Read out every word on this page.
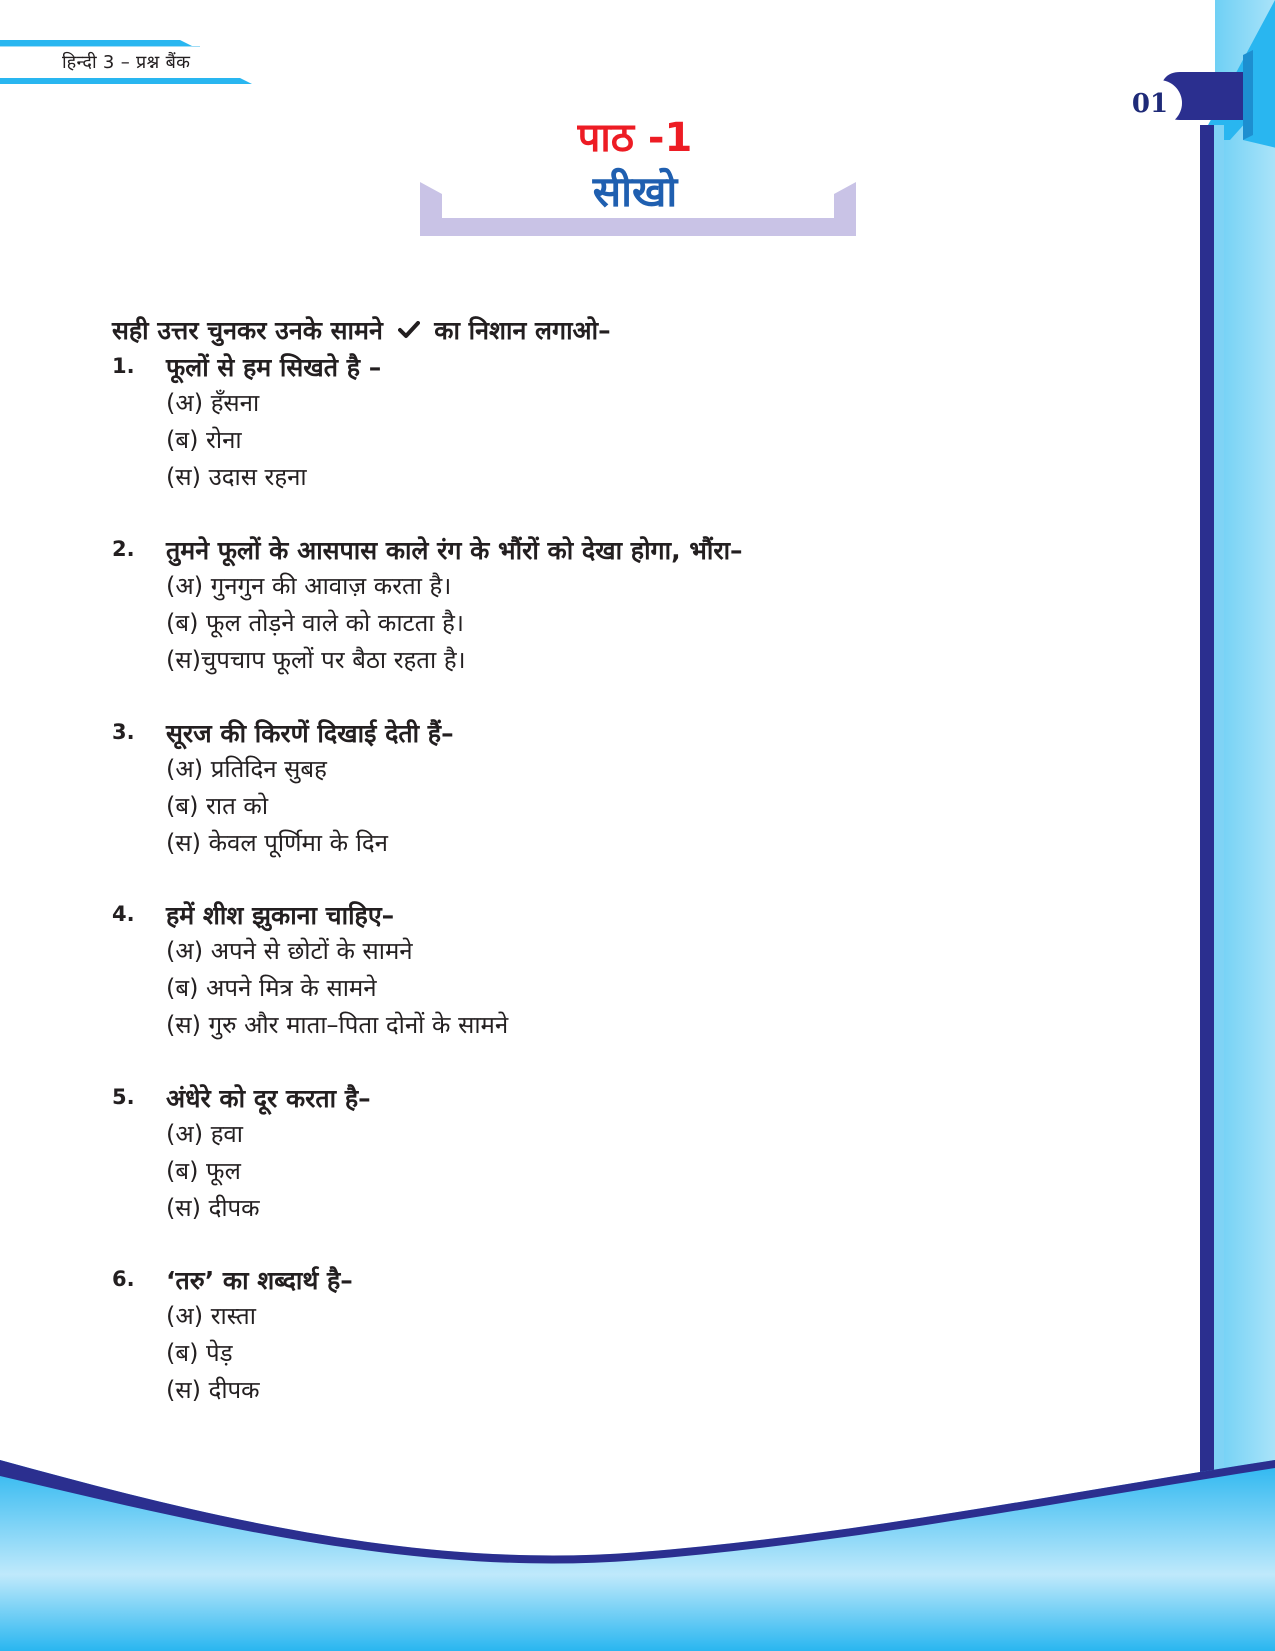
हिन्दी 3 – प्रश्न बैंक
01
पाठ -1
सीखो
सही उत्तर चुनकर उनके सामने का निशान लगाओ–
1.	फूलों से हम सिखते है –
(अ) हँसना
(ब) रोना
(स) उदास रहना
2.	तुमने फूलों के आसपास काले रंग के भौंरों को देखा होगा, भौंरा–
(अ) गुनगुन की आवाज़ करता है।
(ब) फूल तोड़ने वाले को काटता है।
(स)चुपचाप फूलों पर बैठा रहता है।
3.	सूरज की किरणें दिखाई देती हैं–
(अ) प्रतिदिन सुबह
(ब) रात को
(स) केवल पूर्णिमा के दिन
4.	हमें शीश झुकाना चाहिए–
(अ) अपने से छोटों के सामने
(ब) अपने मित्र के सामने
(स) गुरु और माता–पिता दोनों के सामने
5.	अंधेरे को दूर करता है–
(अ) हवा
(ब) फूल
(स) दीपक
6.	‘तरु’ का शब्दार्थ है–
(अ) रास्ता
(ब) पेड़
(स) दीपक
